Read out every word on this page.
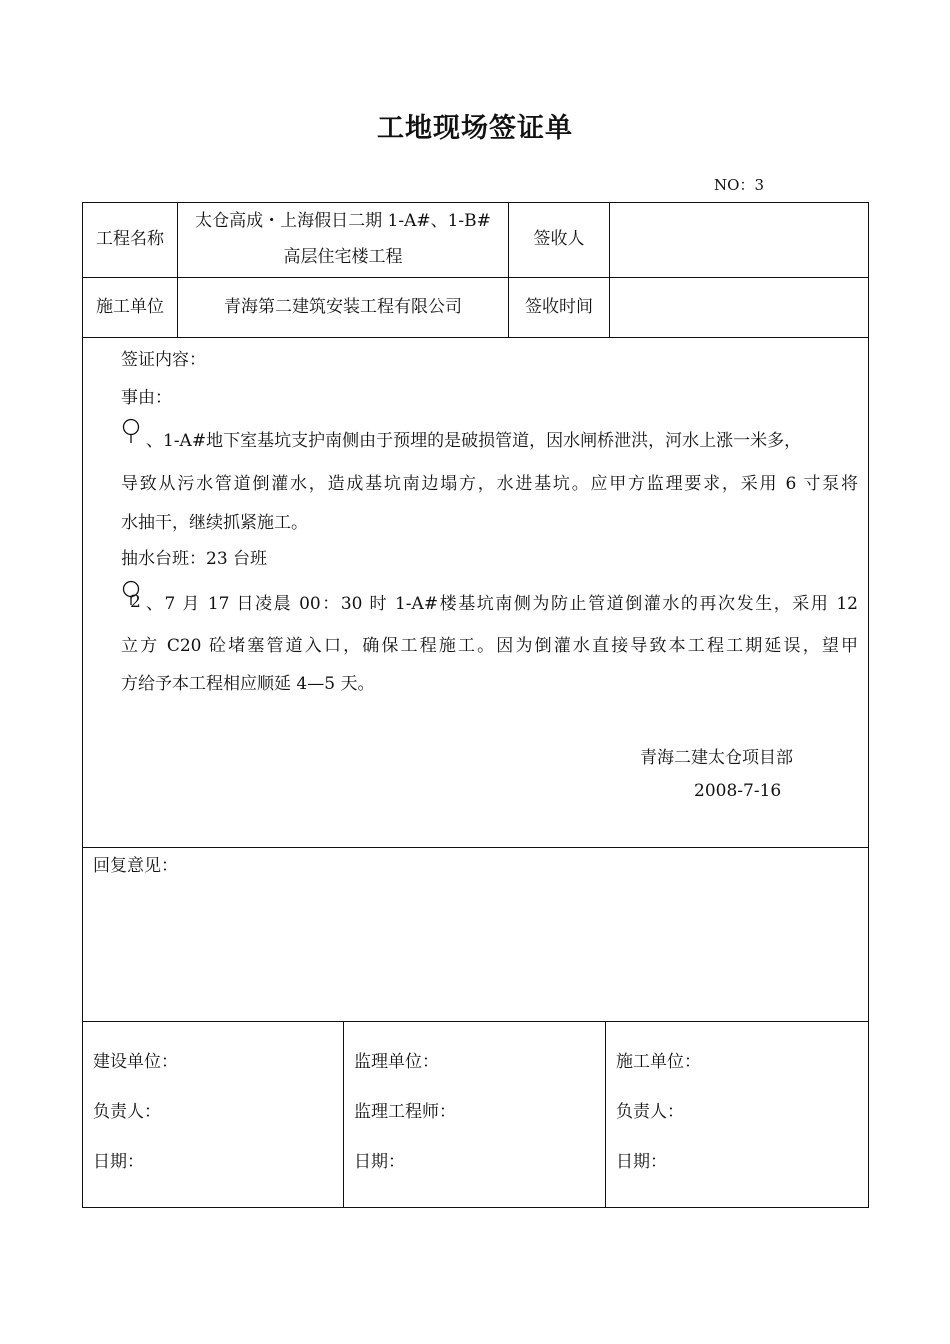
工地现场签证单
NO：3
工程名称
太仓高成・上海假日二期 1-A#、1-B#
高层住宅楼工程
签收人
施工单位	青海第二建筑安装工程有限公司	签收时间
签证内容：
事由：
、1-A#地下室基坑支护南侧由于预埋的是破损管道，因水闸桥泄洪，河水上涨一米多，
导致从污水管道倒灌水，造成基坑南边塌方，水进基坑。应甲方监理要求，采用 6 寸泵将
水抽干，继续抓紧施工。
抽水台班：23 台班
2 、7 月 17 日凌晨 00：30 时 1-A#楼基坑南侧为防止管道倒灌水的再次发生，采用 12
立方 C20 砼堵塞管道入口，确保工程施工。因为倒灌水直接导致本工程工期延误，望甲
方给予本工程相应顺延 4—5 天。
青海二建太仓项目部
2008-7-16
回复意见：
建设单位：
负责人：
日期：
监理单位：
监理工程师：
日期：
施工单位：
负责人：
日期：
